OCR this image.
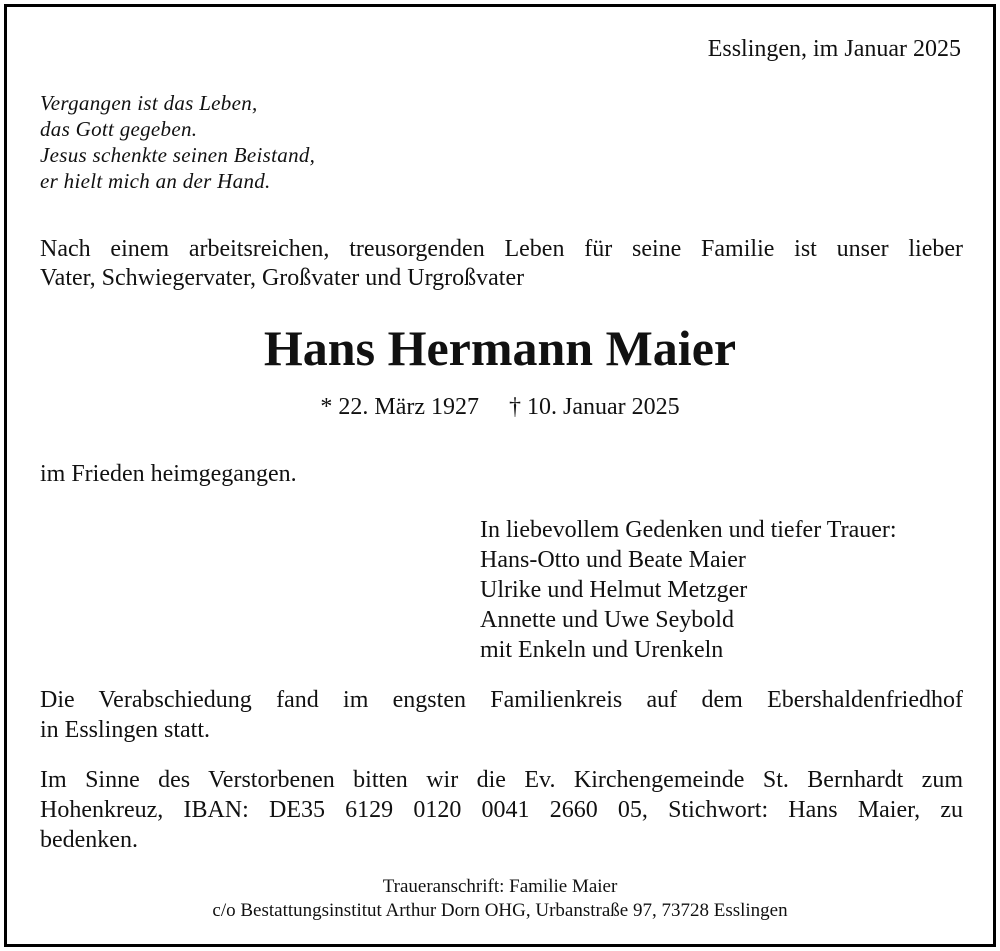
Esslingen, im Januar 2025
Vergangen ist das Leben,
das Gott gegeben.
Jesus schenkte seinen Beistand,
er hielt mich an der Hand.
Nach einem arbeitsreichen, treusorgenden Leben für seine Familie ist unser lieber
Vater, Schwiegervater, Großvater und Urgroßvater
Hans Hermann Maier
* 22. März 1927 † 10. Januar 2025
im Frieden heimgegangen.
In liebevollem Gedenken und tiefer Trauer:
Hans-Otto und Beate Maier
Ulrike und Helmut Metzger
Annette und Uwe Seybold
mit Enkeln und Urenkeln
Die Verabschiedung fand im engsten Familienkreis auf dem Ebershaldenfriedhof
in Esslingen statt.
Im Sinne des Verstorbenen bitten wir die Ev. Kirchengemeinde St. Bernhardt zum
Hohenkreuz, IBAN: DE35 6129 0120 0041 2660 05, Stichwort: Hans Maier, zu
bedenken.
Traueranschrift: Familie Maier
c/o Bestattungsinstitut Arthur Dorn OHG, Urbanstraße 97, 73728 Esslingen
